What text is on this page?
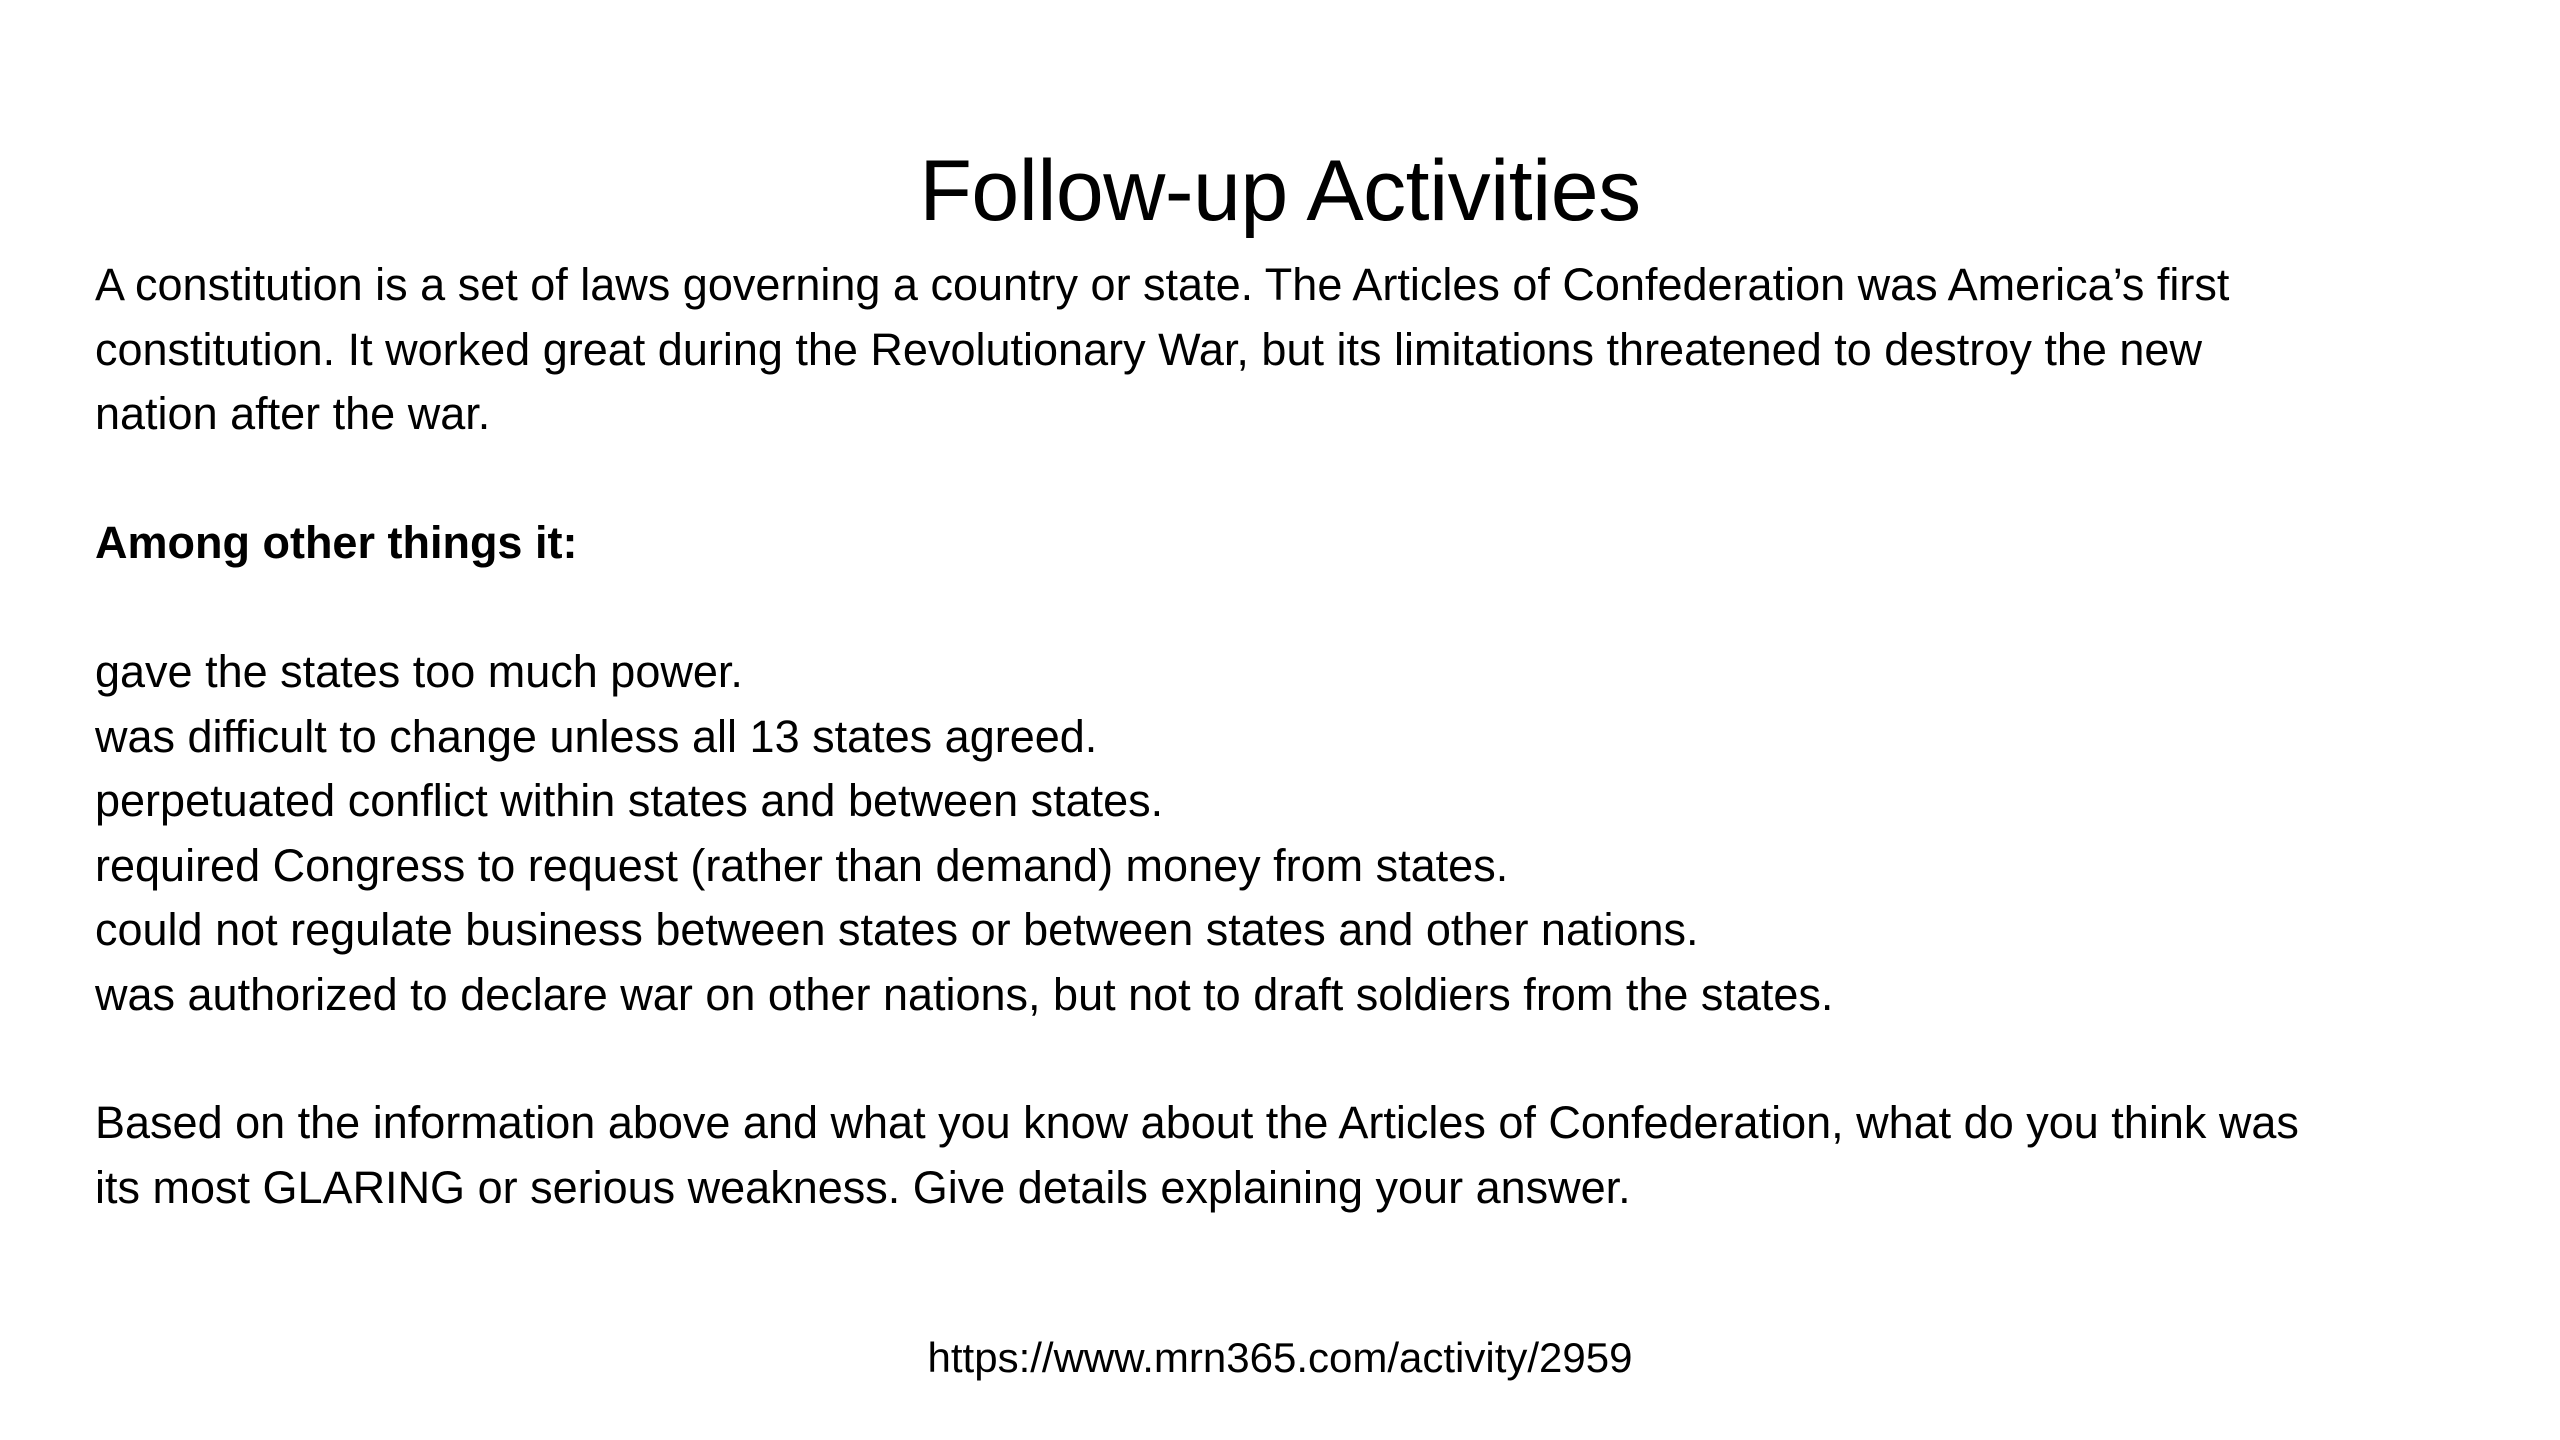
Follow-up Activities
A constitution is a set of laws governing a country or state. The Articles of Confederation was America’s first
constitution. It worked great during the Revolutionary War, but its limitations threatened to destroy the new
nation after the war.
Among other things it:
gave the states too much power.
was difficult to change unless all 13 states agreed.
perpetuated conflict within states and between states.
required Congress to request (rather than demand) money from states.
could not regulate business between states or between states and other nations.
was authorized to declare war on other nations, but not to draft soldiers from the states.
Based on the information above and what you know about the Articles of Confederation, what do you think was
its most GLARING or serious weakness. Give details explaining your answer.
https://www.mrn365.com/activity/2959
